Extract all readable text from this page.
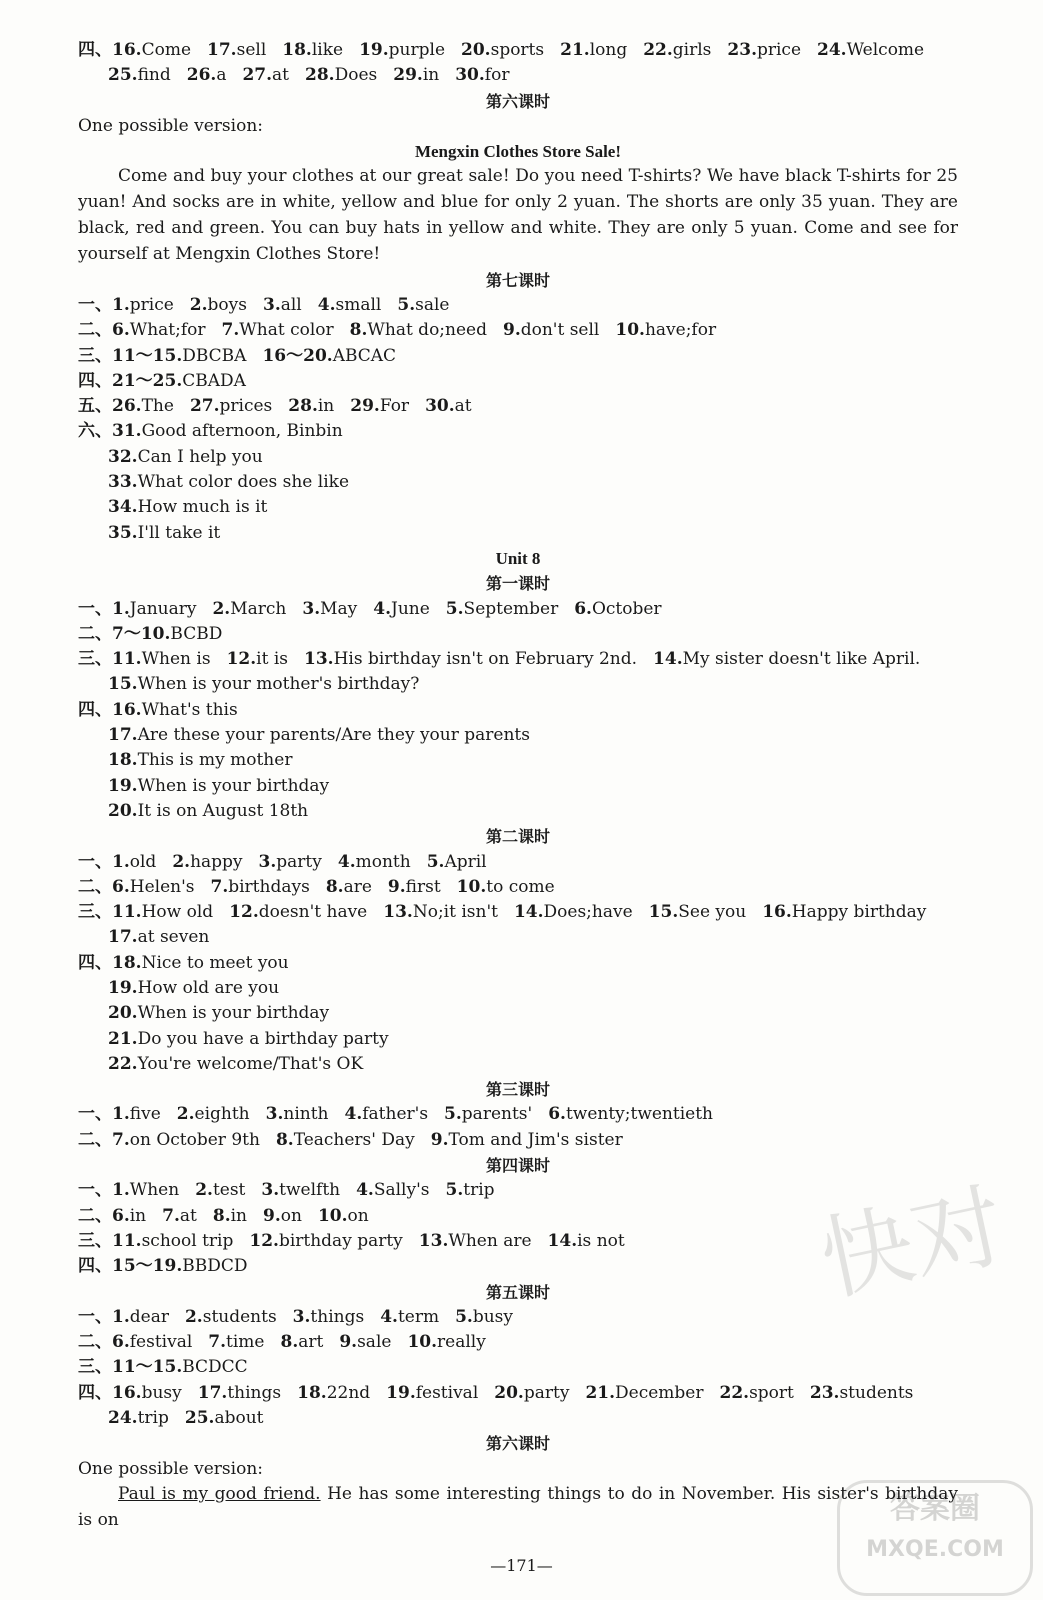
四、16.Come 17.sell 18.like 19.purple 20.sports 21.long 22.girls 23.price 24.Welcome
25.find 26.a 27.at 28.Does 29.in 30.for
第六课时
One possible version:
Mengxin Clothes Store Sale!
Come and buy your clothes at our great sale! Do you need T-shirts? We have black T-shirts for 25 yuan! And socks are in white, yellow and blue for only 2 yuan. The shorts are only 35 yuan. They are black, red and green. You can buy hats in yellow and white. They are only 5 yuan. Come and see for yourself at Mengxin Clothes Store!
第七课时
一、1.price 2.boys 3.all 4.small 5.sale
二、6.What;for 7.What color 8.What do;need 9.don't sell 10.have;for
三、11～15.DBCBA 16～20.ABCAC
四、21～25.CBADA
五、26.The 27.prices 28.in 29.For 30.at
六、31.Good afternoon, Binbin
32.Can I help you
33.What color does she like
34.How much is it
35.I'll take it
Unit 8
第一课时
一、1.January 2.March 3.May 4.June 5.September 6.October
二、7～10.BCBD
三、11.When is 12.it is 13.His birthday isn't on February 2nd. 14.My sister doesn't like April.
15.When is your mother's birthday?
四、16.What's this
17.Are these your parents/Are they your parents
18.This is my mother
19.When is your birthday
20.It is on August 18th
第二课时
一、1.old 2.happy 3.party 4.month 5.April
二、6.Helen's 7.birthdays 8.are 9.first 10.to come
三、11.How old 12.doesn't have 13.No;it isn't 14.Does;have 15.See you 16.Happy birthday
17.at seven
四、18.Nice to meet you
19.How old are you
20.When is your birthday
21.Do you have a birthday party
22.You're welcome/That's OK
第三课时
一、1.five 2.eighth 3.ninth 4.father's 5.parents' 6.twenty;twentieth
二、7.on October 9th 8.Teachers' Day 9.Tom and Jim's sister
第四课时
一、1.When 2.test 3.twelfth 4.Sally's 5.trip
二、6.in 7.at 8.in 9.on 10.on
三、11.school trip 12.birthday party 13.When are 14.is not
四、15～19.BBDCD
第五课时
一、1.dear 2.students 3.things 4.term 5.busy
二、6.festival 7.time 8.art 9.sale 10.really
三、11～15.BCDCC
四、16.busy 17.things 18.22nd 19.festival 20.party 21.December 22.sport 23.students
24.trip 25.about
第六课时
One possible version:
Paul is my good friend. He has some interesting things to do in November. His sister's birthday is on
快对
答案圈
MXQE.COM
—171—
